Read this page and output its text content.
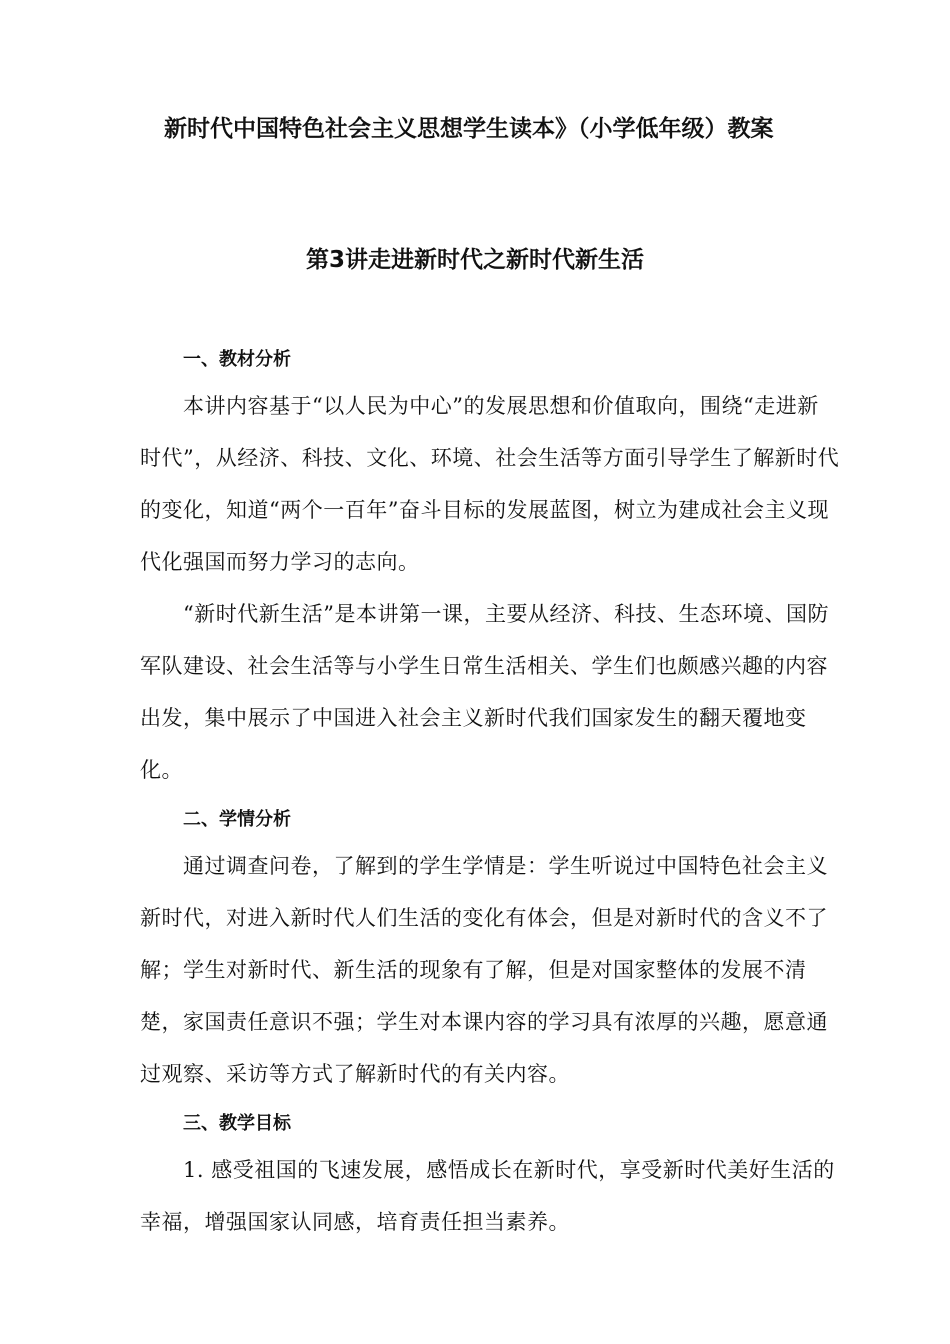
新时代中国特色社会主义思想学生读本》（小学低年级）教案
第3讲走进新时代之新时代新生活
一、教材分析

本讲内容基于“以人民为中心”的发展思想和价值取向，围绕“走进新时代”，从经济、科技、文化、环境、社会生活等方面引导学生了解新时代的变化，知道“两个一百年”奋斗目标的发展蓝图，树立为建成社会主义现代化强国而努力学习的志向。

“新时代新生活”是本讲第一课，主要从经济、科技、生态环境、国防军队建设、社会生活等与小学生日常生活相关、学生们也颇感兴趣的内容出发，集中展示了中国进入社会主义新时代我们国家发生的翻天覆地变化。

二、学情分析

通过调查问卷，了解到的学生学情是：学生听说过中国特色社会主义新时代，对进入新时代人们生活的变化有体会，但是对新时代的含义不了解；学生对新时代、新生活的现象有了解，但是对国家整体的发展不清楚，家国责任意识不强；学生对本课内容的学习具有浓厚的兴趣，愿意通过观察、采访等方式了解新时代的有关内容。

三、教学目标

1. 感受祖国的飞速发展，感悟成长在新时代，享受新时代美好生活的幸福，增强国家认同感，培育责任担当素养。
